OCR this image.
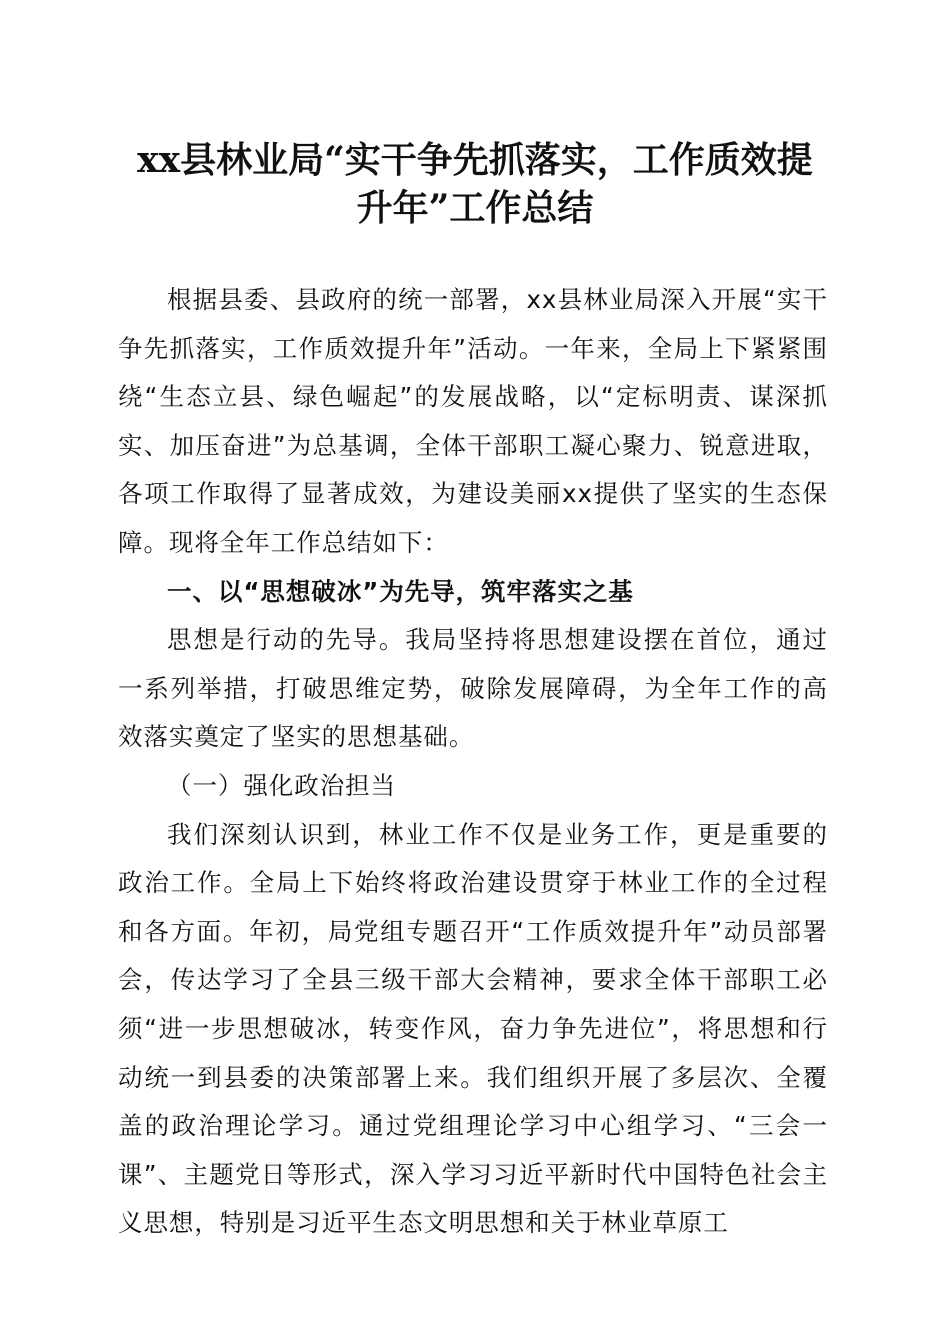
xx县林业局“实干争先抓落实，工作质效提
升年”工作总结

根据县委、县政府的统一部署，xx县林业局深入开展“实干争先抓落实，工作质效提升年”活动。一年来，全局上下紧紧围绕“生态立县、绿色崛起”的发展战略，以“定标明责、谋深抓实、加压奋进”为总基调，全体干部职工凝心聚力、锐意进取，各项工作取得了显著成效，为建设美丽xx提供了坚实的生态保障。现将全年工作总结如下：

一、以“思想破冰”为先导，筑牢落实之基

思想是行动的先导。我局坚持将思想建设摆在首位，通过一系列举措，打破思维定势，破除发展障碍，为全年工作的高效落实奠定了坚实的思想基础。

（一）强化政治担当

我们深刻认识到，林业工作不仅是业务工作，更是重要的政治工作。全局上下始终将政治建设贯穿于林业工作的全过程和各方面。年初，局党组专题召开“工作质效提升年”动员部署会，传达学习了全县三级干部大会精神，要求全体干部职工必须“进一步思想破冰，转变作风，奋力争先进位”，将思想和行动统一到县委的决策部署上来。我们组织开展了多层次、全覆盖的政治理论学习。通过党组理论学习中心组学习、“三会一课”、主题党日等形式，深入学习习近平新时代中国特色社会主义思想，特别是习近平生态文明思想和关于林业草原工
